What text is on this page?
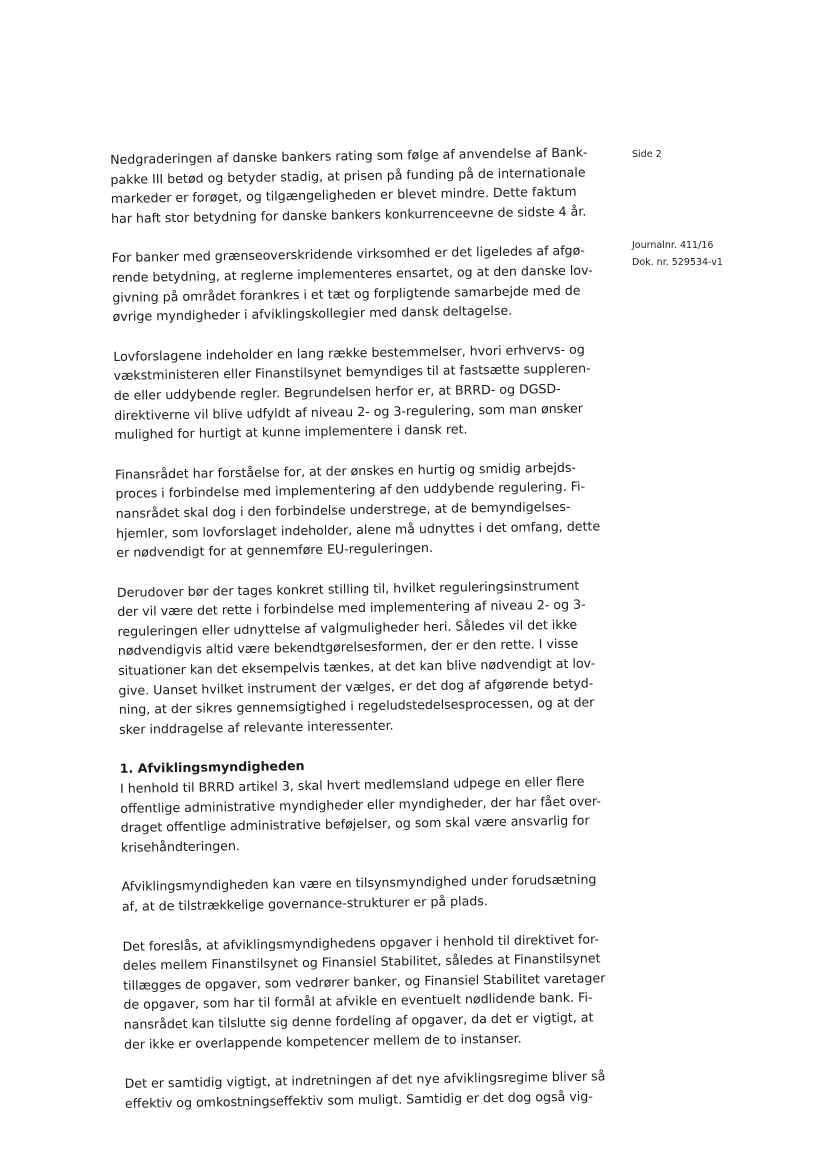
Side 2
Journalnr. 411/16
Dok. nr. 529534-v1

Nedgraderingen af danske bankers rating som følge af anvendelse af Bank-
pakke III betød og betyder stadig, at prisen på funding på de internationale
markeder er forøget, og tilgængeligheden er blevet mindre. Dette faktum
har haft stor betydning for danske bankers konkurrenceevne de sidste 4 år.

For banker med grænseoverskridende virksomhed er det ligeledes af afgø-
rende betydning, at reglerne implementeres ensartet, og at den danske lov-
givning på området forankres i et tæt og forpligtende samarbejde med de
øvrige myndigheder i afviklingskollegier med dansk deltagelse.

Lovforslagene indeholder en lang række bestemmelser, hvori erhvervs- og
vækstministeren eller Finanstilsynet bemyndiges til at fastsætte suppleren-
de eller uddybende regler. Begrundelsen herfor er, at BRRD- og DGSD-
direktiverne vil blive udfyldt af niveau 2- og 3-regulering, som man ønsker
mulighed for hurtigt at kunne implementere i dansk ret.

Finansrådet har forståelse for, at der ønskes en hurtig og smidig arbejds-
proces i forbindelse med implementering af den uddybende regulering. Fi-
nansrådet skal dog i den forbindelse understrege, at de bemyndigelses-
hjemler, som lovforslaget indeholder, alene må udnyttes i det omfang, dette
er nødvendigt for at gennemføre EU-reguleringen.

Derudover bør der tages konkret stilling til, hvilket reguleringsinstrument
der vil være det rette i forbindelse med implementering af niveau 2- og 3-
reguleringen eller udnyttelse af valgmuligheder heri. Således vil det ikke
nødvendigvis altid være bekendtgørelsesformen, der er den rette. I visse
situationer kan det eksempelvis tænkes, at det kan blive nødvendigt at lov-
give. Uanset hvilket instrument der vælges, er det dog af afgørende betyd-
ning, at der sikres gennemsigtighed i regeludstedelsesprocessen, og at der
sker inddragelse af relevante interessenter.

1. Afviklingsmyndigheden

I henhold til BRRD artikel 3, skal hvert medlemsland udpege en eller flere
offentlige administrative myndigheder eller myndigheder, der har fået over-
draget offentlige administrative beføjelser, og som skal være ansvarlig for
krisehåndteringen.

Afviklingsmyndigheden kan være en tilsynsmyndighed under forudsætning
af, at de tilstrækkelige governance-strukturer er på plads.

Det foreslås, at afviklingsmyndighedens opgaver i henhold til direktivet for-
deles mellem Finanstilsynet og Finansiel Stabilitet, således at Finanstilsynet
tillægges de opgaver, som vedrører banker, og Finansiel Stabilitet varetager
de opgaver, som har til formål at afvikle en eventuelt nødlidende bank. Fi-
nansrådet kan tilslutte sig denne fordeling af opgaver, da det er vigtigt, at
der ikke er overlappende kompetencer mellem de to instanser.

Det er samtidig vigtigt, at indretningen af det nye afviklingsregime bliver så
effektiv og omkostningseffektiv som muligt. Samtidig er det dog også vig-
